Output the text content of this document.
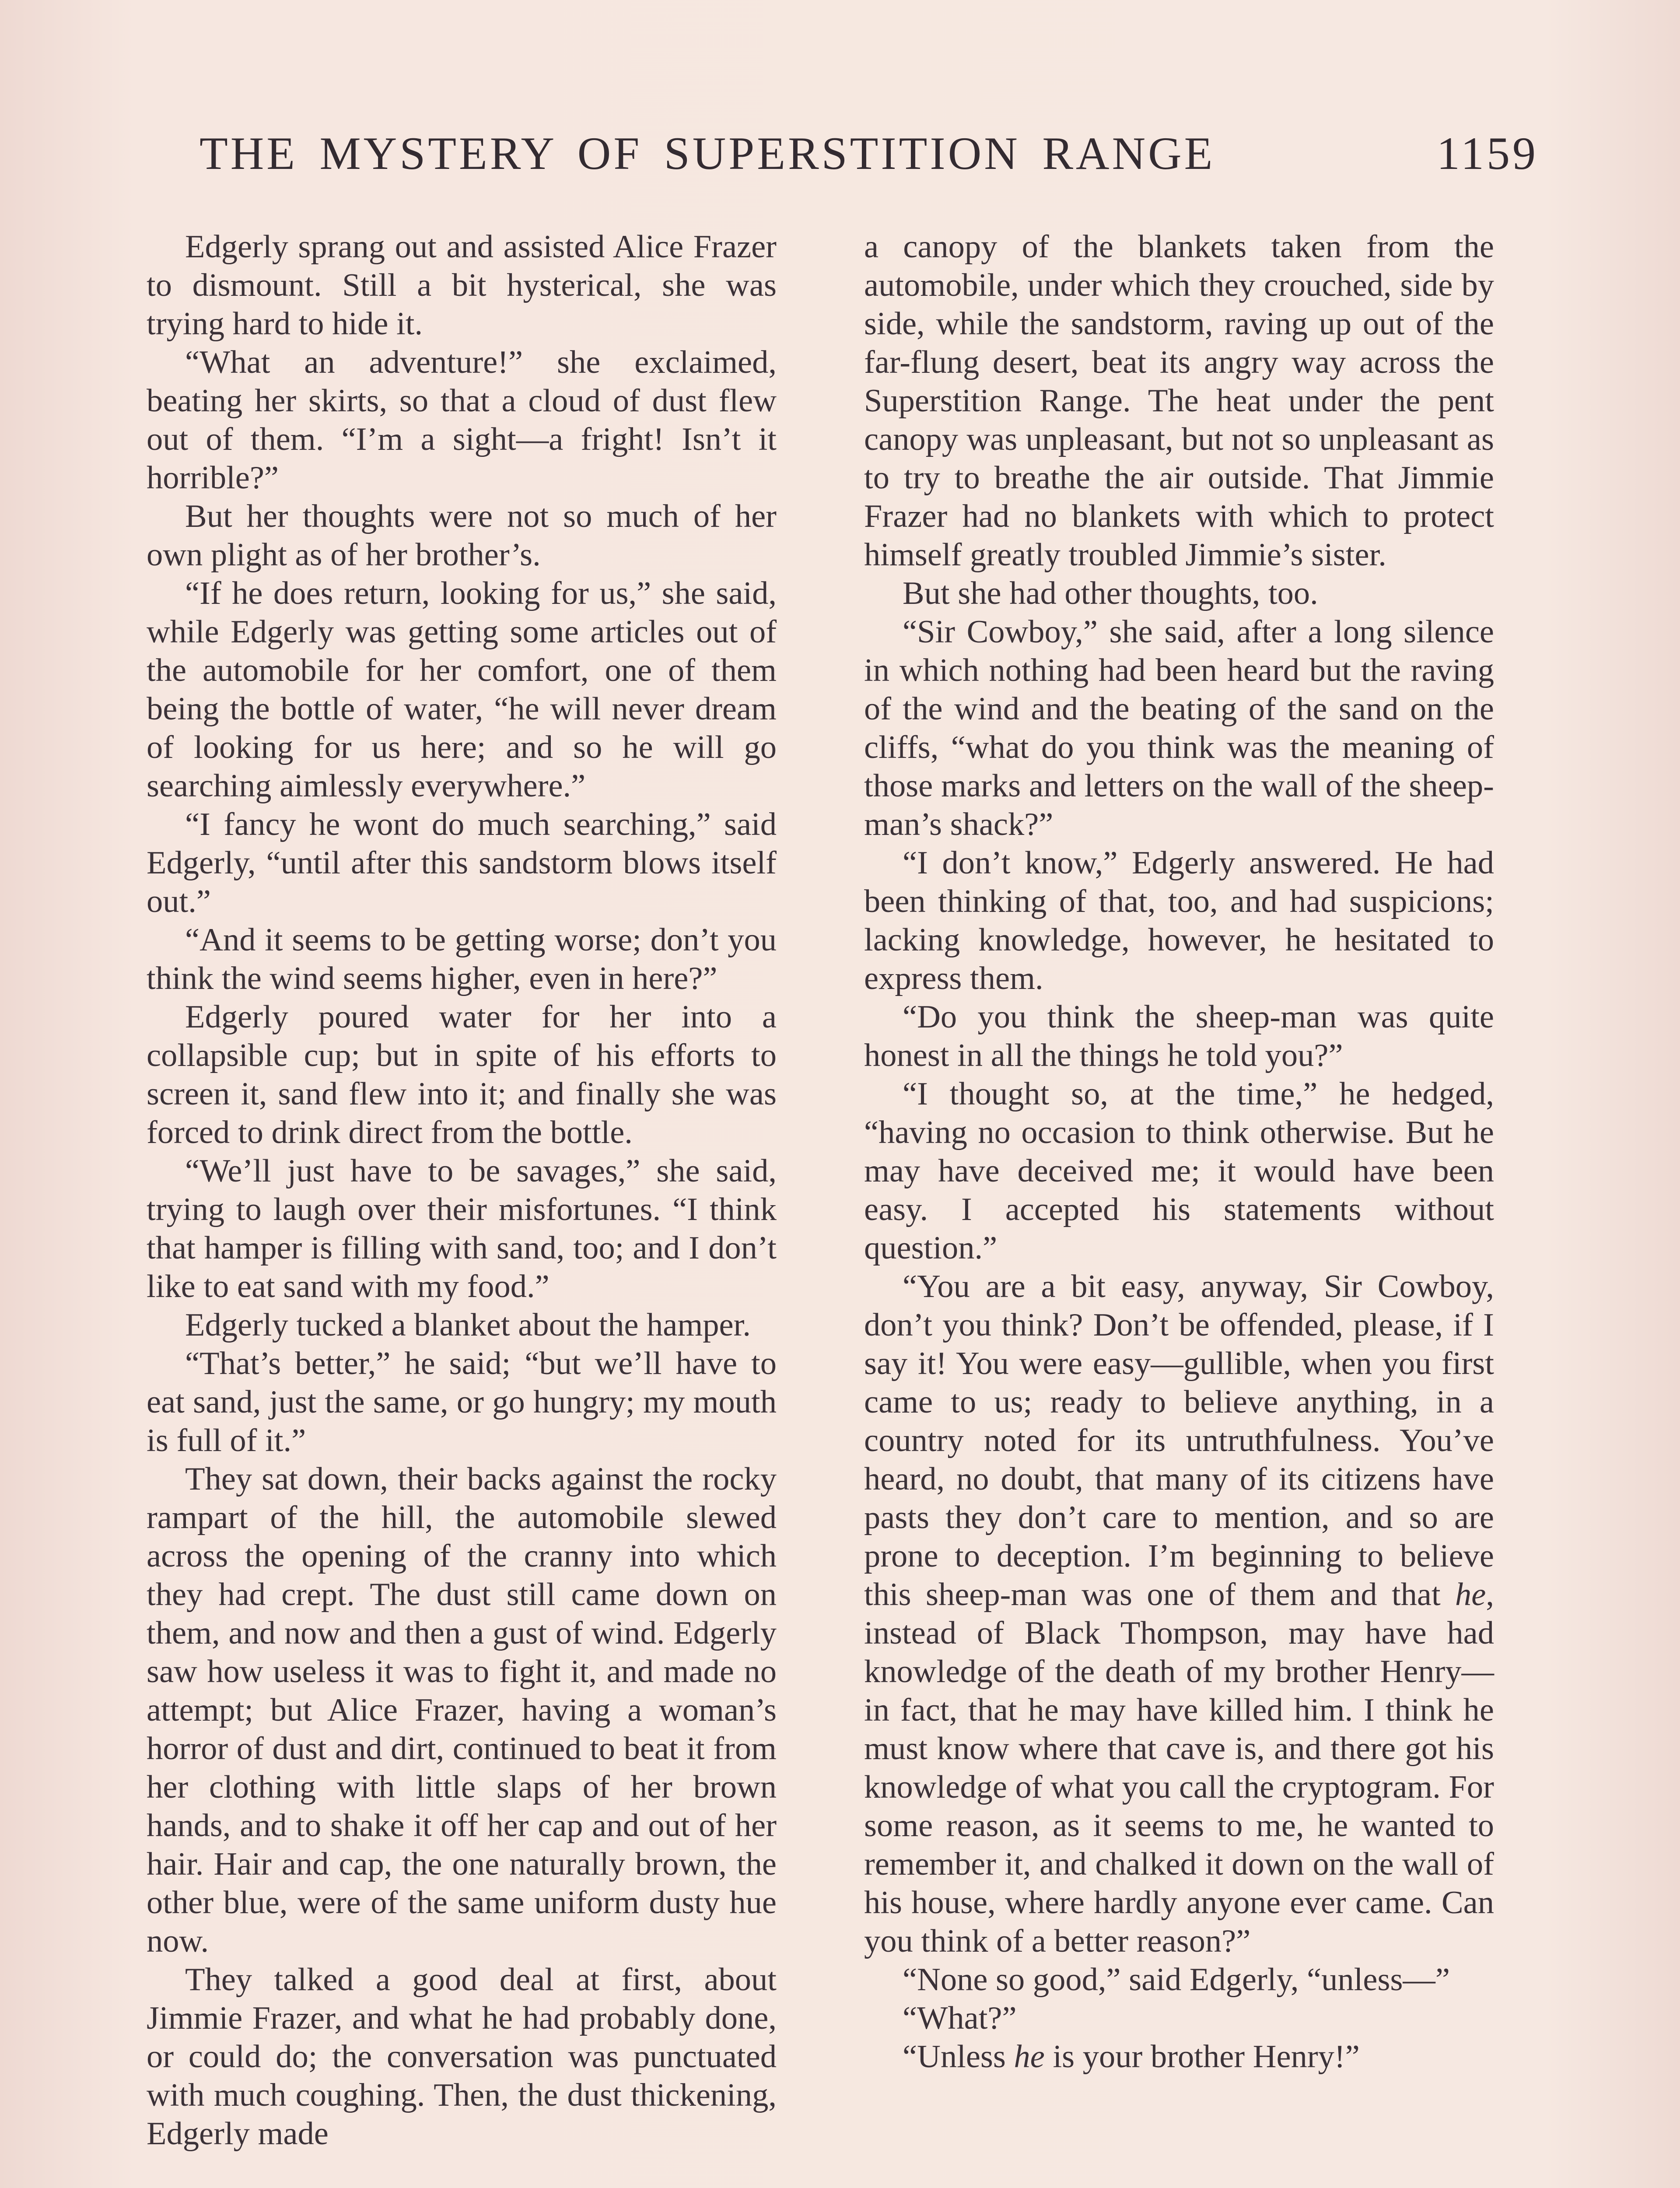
THE MYSTERY OF SUPERSTITION RANGE	1159

Edgerly sprang out and assisted Alice Frazer to dismount. Still a bit hysterical, she was trying hard to hide it.

“What an adventure!” she exclaimed, beating her skirts, so that a cloud of dust flew out of them. “I’m a sight—a fright! Isn’t it horrible?”

But her thoughts were not so much of her own plight as of her brother’s.

“If he does return, looking for us,” she said, while Edgerly was getting some articles out of the automobile for her comfort, one of them being the bottle of water, “he will never dream of looking for us here; and so he will go searching aimlessly everywhere.”

“I fancy he wont do much searching,” said Edgerly, “until after this sandstorm blows itself out.”

“And it seems to be getting worse; don’t you think the wind seems higher, even in here?”

Edgerly poured water for her into a collapsible cup; but in spite of his efforts to screen it, sand flew into it; and finally she was forced to drink direct from the bottle.

“We’ll just have to be savages,” she said, trying to laugh over their misfortunes. “I think that hamper is filling with sand, too; and I don’t like to eat sand with my food.”

Edgerly tucked a blanket about the hamper.

“That’s better,” he said; “but we’ll have to eat sand, just the same, or go hungry; my mouth is full of it.”

They sat down, their backs against the rocky rampart of the hill, the automobile slewed across the opening of the cranny into which they had crept. The dust still came down on them, and now and then a gust of wind. Edgerly saw how useless it was to fight it, and made no attempt; but Alice Frazer, having a woman’s horror of dust and dirt, continued to beat it from her clothing with little slaps of her brown hands, and to shake it off her cap and out of her hair. Hair and cap, the one naturally brown, the other blue, were of the same uniform dusty hue now.

They talked a good deal at first, about Jimmie Frazer, and what he had probably done, or could do; the conversation was punctuated with much coughing. Then, the dust thickening, Edgerly made

a canopy of the blankets taken from the automobile, under which they crouched, side by side, while the sandstorm, raving up out of the far-flung desert, beat its angry way across the Superstition Range. The heat under the pent canopy was unpleasant, but not so unpleasant as to try to breathe the air outside. That Jimmie Frazer had no blankets with which to protect himself greatly troubled Jimmie’s sister.

But she had other thoughts, too.

“Sir Cowboy,” she said, after a long silence in which nothing had been heard but the raving of the wind and the beating of the sand on the cliffs, “what do you think was the meaning of those marks and letters on the wall of the sheep-man’s shack?”

“I don’t know,” Edgerly answered. He had been thinking of that, too, and had suspicions; lacking knowledge, however, he hesitated to express them.

“Do you think the sheep-man was quite honest in all the things he told you?”

“I thought so, at the time,” he hedged, “having no occasion to think otherwise. But he may have deceived me; it would have been easy. I accepted his statements without question.”

“You are a bit easy, anyway, Sir Cowboy, don’t you think? Don’t be offended, please, if I say it! You were easy—gullible, when you first came to us; ready to believe anything, in a country noted for its untruthfulness. You’ve heard, no doubt, that many of its citizens have pasts they don’t care to mention, and so are prone to deception. I’m beginning to believe this sheep-man was one of them and that he, instead of Black Thompson, may have had knowledge of the death of my brother Henry—in fact, that he may have killed him. I think he must know where that cave is, and there got his knowledge of what you call the cryptogram. For some reason, as it seems to me, he wanted to remember it, and chalked it down on the wall of his house, where hardly anyone ever came. Can you think of a better reason?”

“None so good,” said Edgerly, “unless—”

“What?”

“Unless he is your brother Henry!”
